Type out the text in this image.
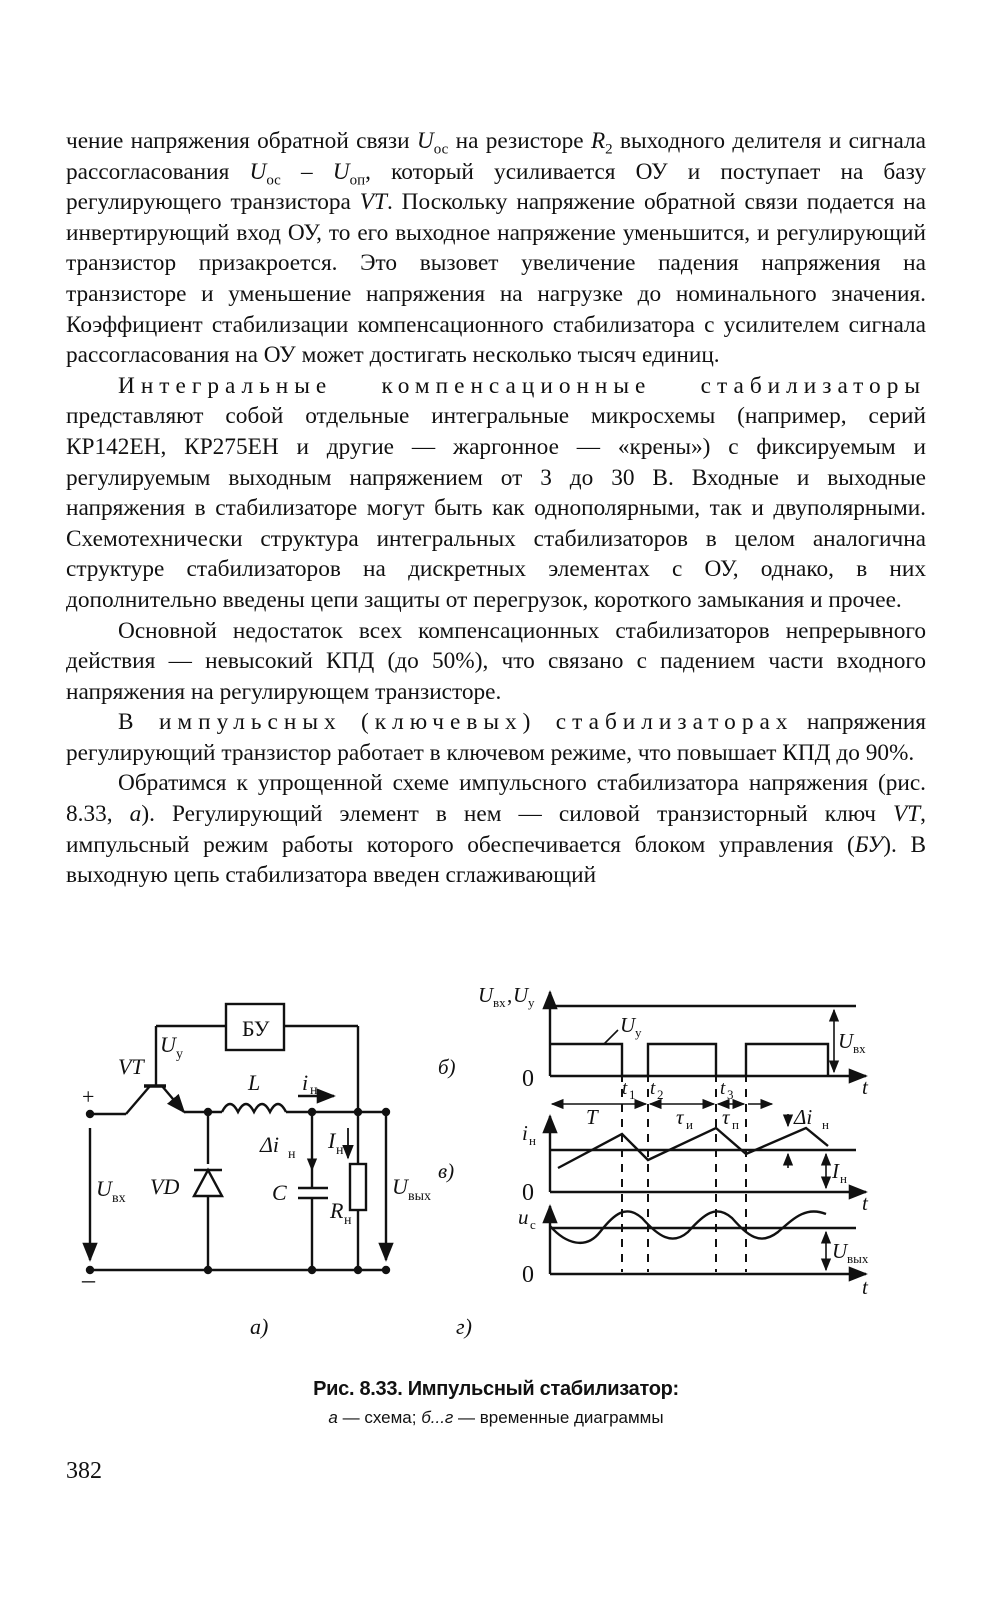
чение напряжения обратной связи $U_{ос}$ на резисторе $R_2$ выходного делителя и сигнала рассогласования $U_{ос} - U_{оп}$, который усиливается ОУ и поступает на базу регулирующего транзистора VT. Поскольку напряжение обратной связи подается на инвертирующий вход ОУ, то его выходное напряжение уменьшится, и регулирующий транзистор призакроется. Это вызовет увеличение падения напряжения на транзисторе и уменьшение напряжения на нагрузке до номинального значения. Коэффициент стабилизации компенсационного стабилизатора с усилителем сигнала рассогласования на ОУ может достигать несколько тысяч единиц.

Интегральные компенсационные стабилизаторы представляют собой отдельные интегральные микросхемы (например, серий КР142ЕН, КР275ЕН и другие — жаргонное — «крены») с фиксируемым и регулируемым выходным напряжением от 3 до 30 В. Входные и выходные напряжения в стабилизаторе могут быть как однополярными, так и двуполярными. Схемотехнически структура интегральных стабилизаторов в целом аналогична структуре стабилизаторов на дискретных элементах с ОУ, однако, в них дополнительно введены цепи защиты от перегрузок, короткого замыкания и прочее.

Основной недостаток всех компенсационных стабилизаторов непрерывного действия — невысокий КПД (до 50%), что связано с падением части входного напряжения на регулирующем транзисторе.

В импульсных (ключевых) стабилизаторах напряжения регулирующий транзистор работает в ключевом режиме, что повышает КПД до 90%.

Обратимся к упрощенной схеме импульсного стабилизатора напряжения (рис. 8.33, а). Регулирующий элемент в нем — силовой транзисторный ключ VT, импульсный режим работы которого обеспечивается блоком управления (БУ). В выходную цепь стабилизатора введен сглаживающий

БУ
VT
U у
L i н
Δi н
I н
VD	C
R н
U вх	U вых
+
–
а)
U вх , U у
U у	U вх
б)	0	t
t 1 t 2	t 3
T	τ и τ п	Δi н
i н
I н
в)
0	t
u с
U вых
0	t
г)
Рис. 8.33. Импульсный стабилизатор:
а — схема; б...г — временные диаграммы
382
